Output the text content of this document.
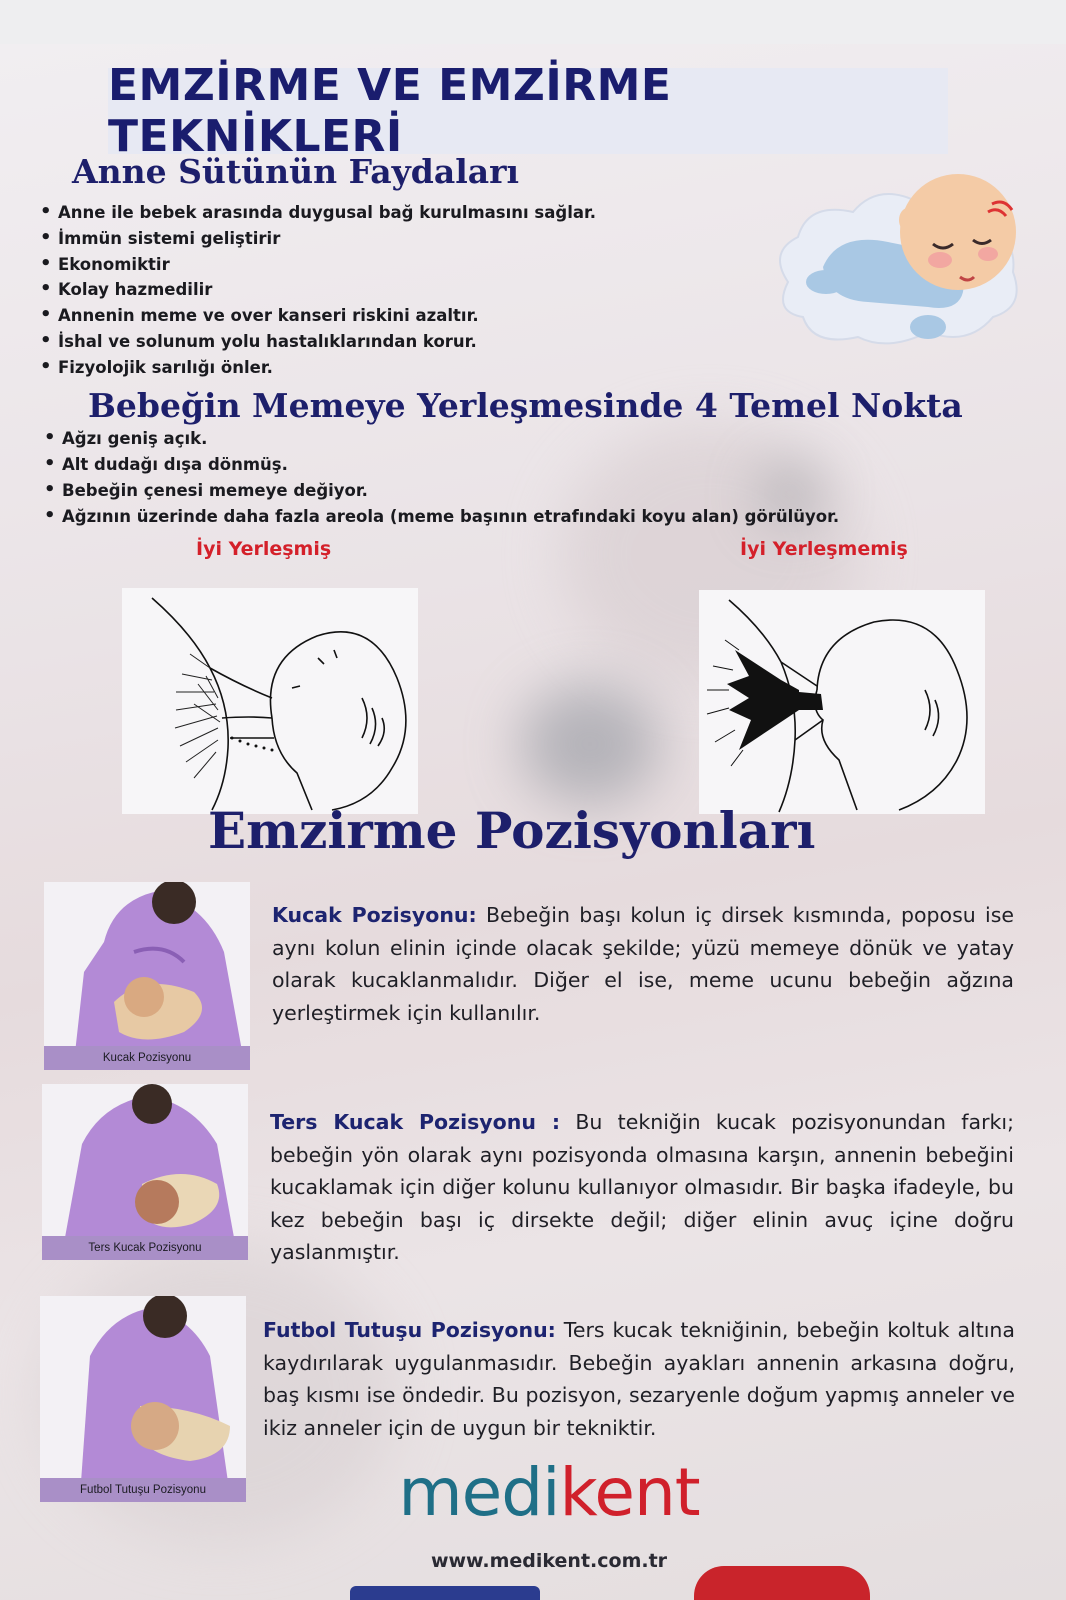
EMZİRME VE EMZİRME TEKNİKLERİ
Anne Sütünün Faydaları
• Anne ile bebek arasında duygusal bağ kurulmasını sağlar.
• İmmün sistemi geliştirir
• Ekonomiktir
• Kolay hazmedilir
• Annenin meme ve over kanseri riskini azaltır.
• İshal ve solunum yolu hastalıklarından korur.
• Fizyolojik sarılığı önler.
Bebeğin Memeye Yerleşmesinde 4 Temel Nokta
• Ağzı geniş açık.
• Alt dudağı dışa dönmüş.
• Bebeğin çenesi memeye değiyor.
• Ağzının üzerinde daha fazla areola (meme başının etrafındaki koyu alan) görülüyor.
İyi Yerleşmiş	İyi Yerleşmemiş
Emzirme Pozisyonları
Kucak Pozisyonu
Kucak Pozisyonu: Bebeğin başı kolun iç dirsek kısmında, poposu ise aynı kolun elinin içinde olacak şekilde; yüzü memeye dönük ve yatay olarak kucaklanmalıdır. Diğer el ise, meme ucunu bebeğin ağzına yerleştirmek için kullanılır.
Ters Kucak Pozisyonu
Ters Kucak Pozisyonu : Bu tekniğin kucak pozisyonundan farkı; bebeğin yön olarak aynı pozisyonda olmasına karşın, annenin bebeğini kucaklamak için diğer kolunu kullanıyor olmasıdır. Bir başka ifadeyle, bu kez bebeğin başı iç dirsekte değil; diğer elinin avuç içine doğru yaslanmıştır.
Futbol Tutuşu Pozisyonu
Futbol Tutuşu Pozisyonu: Ters kucak tekniğinin, bebeğin koltuk altına kaydırılarak uygulanmasıdır. Bebeğin ayakları annenin arkasına doğru, baş kısmı ise öndedir. Bu pozisyon, sezaryenle doğum yapmış anneler ve ikiz anneler için de uygun bir tekniktir.
medikent
www.medikent.com.tr
